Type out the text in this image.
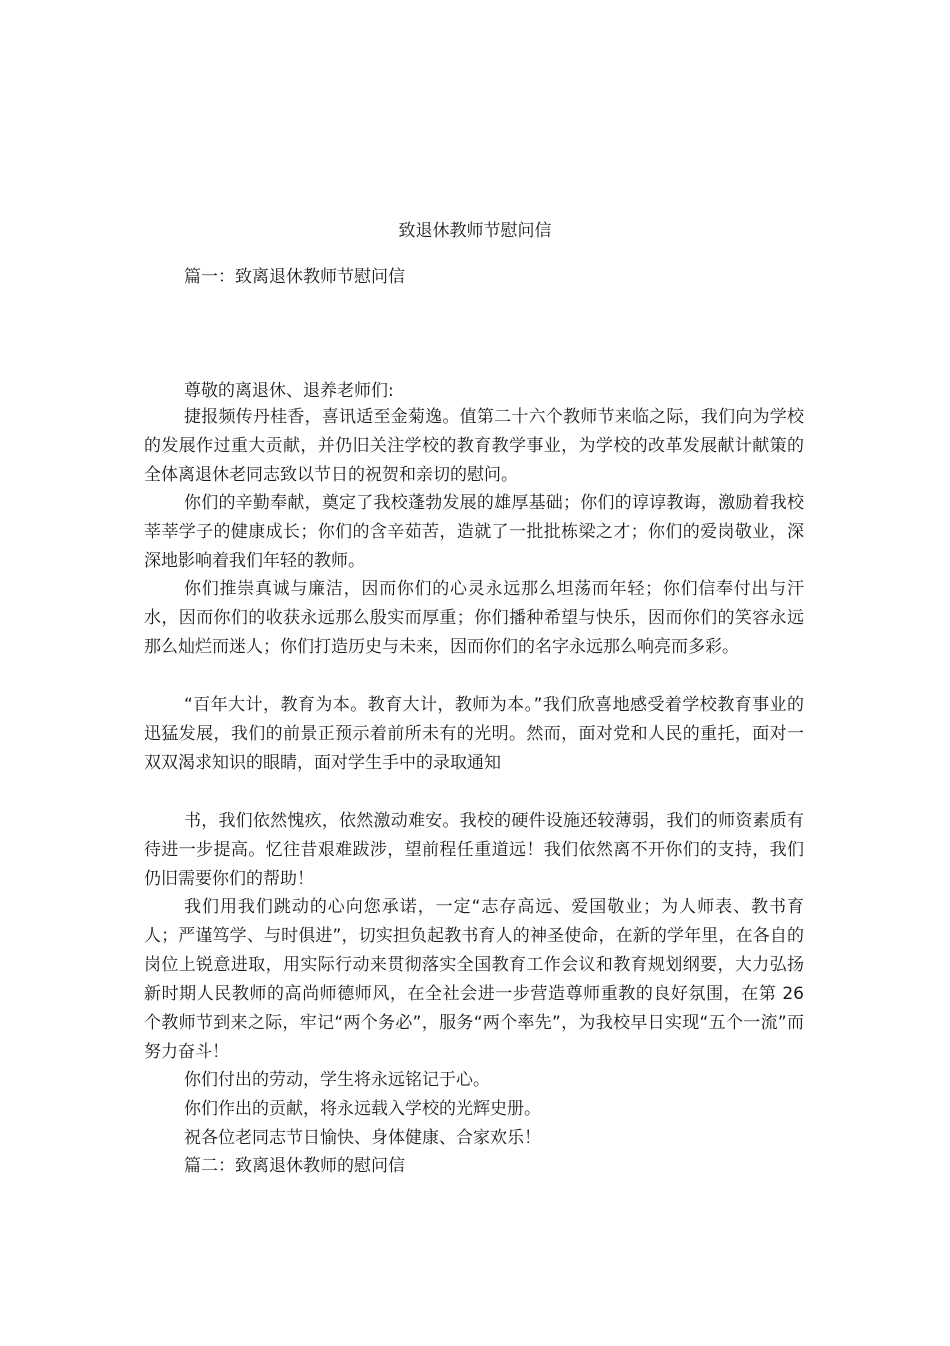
致退休教师节慰问信
篇一：致离退休教师节慰问信

尊敬的离退休、退养老师们:

捷报频传丹桂香，喜讯适至金菊逸。值第二十六个教师节来临之际，我们向为学校的发展作过重大贡献，并仍旧关注学校的教育教学事业，为学校的改革发展献计献策的全体离退休老同志致以节日的祝贺和亲切的慰问。

你们的辛勤奉献，奠定了我校蓬勃发展的雄厚基础；你们的谆谆教诲，激励着我校莘莘学子的健康成长；你们的含辛茹苦，造就了一批批栋梁之才；你们的爱岗敬业，深深地影响着我们年轻的教师。

你们推崇真诚与廉洁，因而你们的心灵永远那么坦荡而年轻；你们信奉付出与汗水，因而你们的收获永远那么殷实而厚重；你们播种希望与快乐，因而你们的笑容永远那么灿烂而迷人；你们打造历史与未来，因而你们的名字永远那么响亮而多彩。

“百年大计，教育为本。教育大计，教师为本。”我们欣喜地感受着学校教育事业的迅猛发展，我们的前景正预示着前所未有的光明。然而，面对党和人民的重托，面对一双双渴求知识的眼睛，面对学生手中的录取通知

书，我们依然愧疚，依然激动难安。我校的硬件设施还较薄弱，我们的师资素质有待进一步提高。忆往昔艰难跋涉，望前程任重道远！我们依然离不开你们的支持，我们仍旧需要你们的帮助！

我们用我们跳动的心向您承诺，一定“志存高远、爱国敬业；为人师表、教书育人；严谨笃学、与时俱进”，切实担负起教书育人的神圣使命，在新的学年里，在各自的岗位上锐意进取，用实际行动来贯彻落实全国教育工作会议和教育规划纲要，大力弘扬新时期人民教师的高尚师德师风，在全社会进一步营造尊师重教的良好氛围，在第 26 个教师节到来之际，牢记“两个务必”，服务“两个率先”，为我校早日实现“五个一流”而努力奋斗！

你们付出的劳动，学生将永远铭记于心。

你们作出的贡献，将永远载入学校的光辉史册。

祝各位老同志节日愉快、身体健康、合家欢乐！

篇二：致离退休教师的慰问信
